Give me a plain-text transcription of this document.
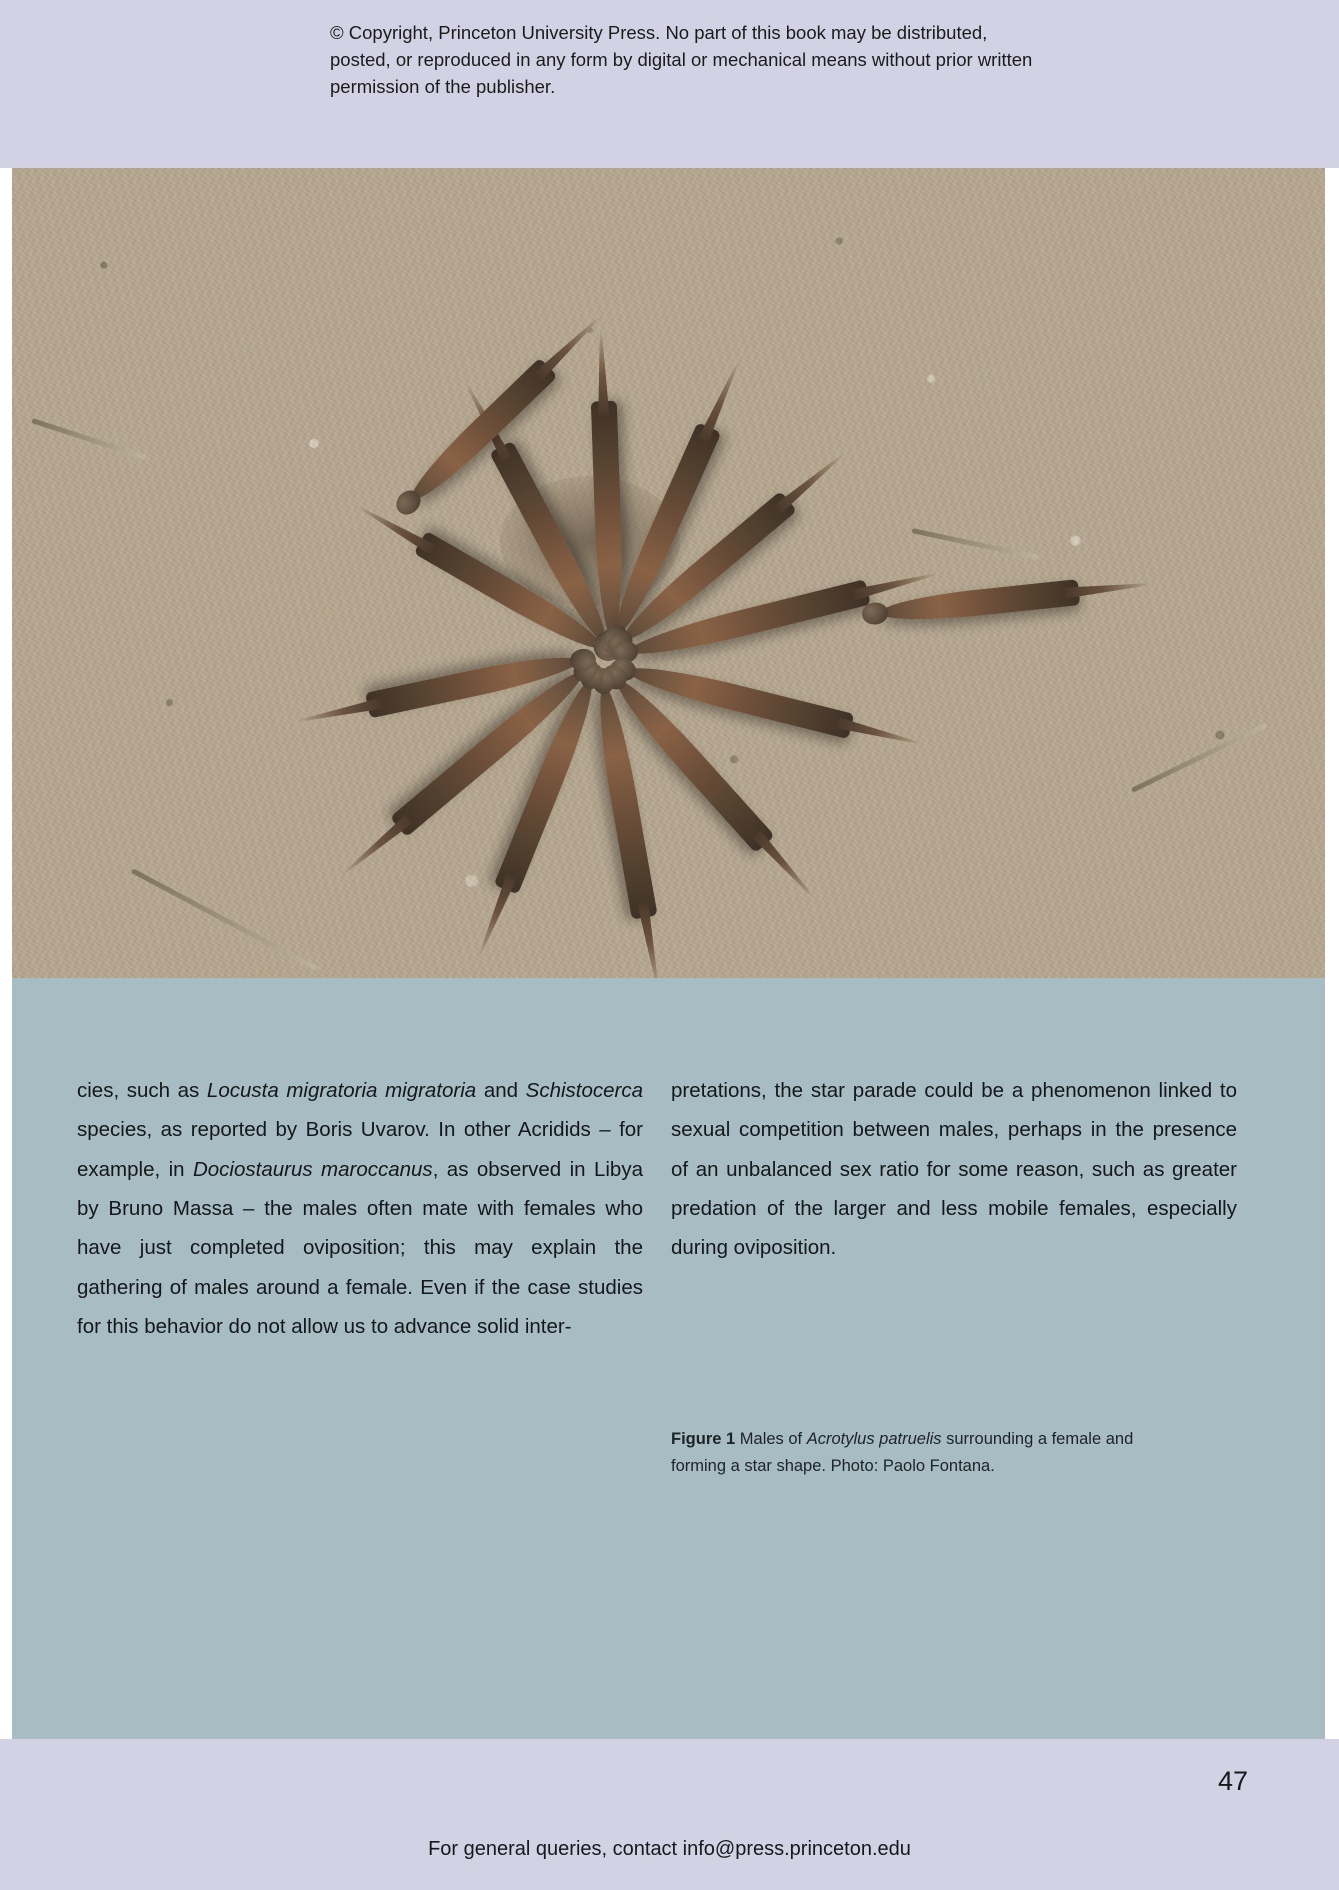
© Copyright, Princeton University Press. No part of this book may be distributed, posted, or reproduced in any form by digital or mechanical means without prior written permission of the publisher.

cies, such as Locusta migratoria migratoria and Schistocerca species, as reported by Boris Uvarov. In other Acridids – for example, in Dociostaurus maroccanus, as observed in Libya by Bruno Massa – the males often mate with females who have just completed oviposition; this may explain the gathering of males around a female. Even if the case studies for this behavior do not allow us to advance solid inter-

pretations, the star parade could be a phenomenon linked to sexual competition between males, perhaps in the presence of an unbalanced sex ratio for some reason, such as greater predation of the larger and less mobile females, especially during oviposition.

Figure 1 Males of Acrotylus patruelis surrounding a female and forming a star shape. Photo: Paolo Fontana.
47
For general queries, contact info@press.princeton.edu
